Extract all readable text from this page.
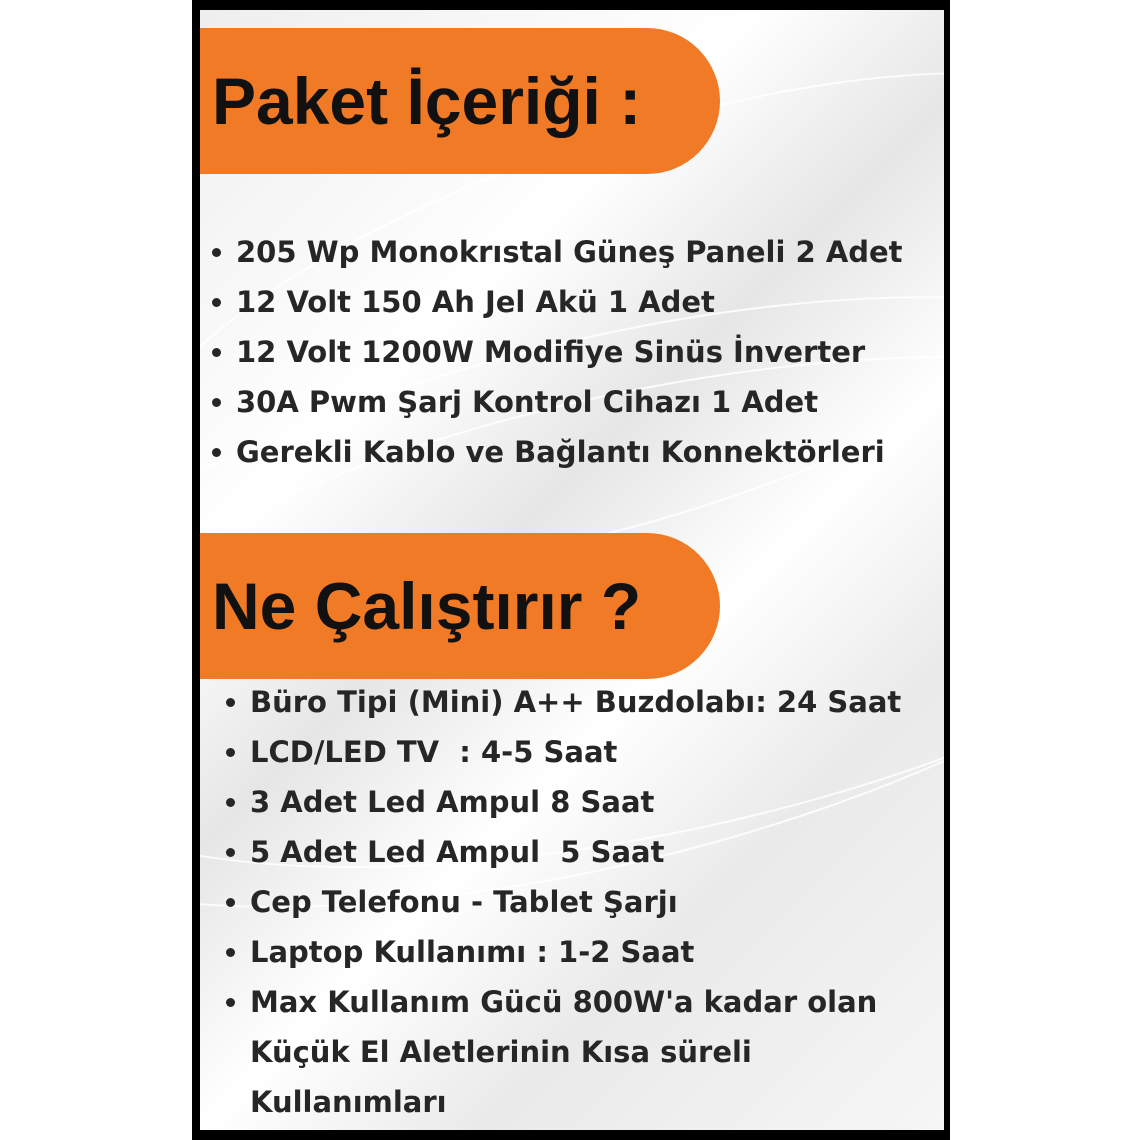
Paket İçeriği :
205 Wp Monokrıstal Güneş Paneli 2 Adet
12 Volt 150 Ah Jel Akü 1 Adet
12 Volt 1200W Modifiye Sinüs İnverter
30A Pwm Şarj Kontrol Cihazı 1 Adet
Gerekli Kablo ve Bağlantı Konnektörleri
Ne Çalıştırır ?
Büro Tipi (Mini) A++ Buzdolabı: 24 Saat
LCD/LED TV  : 4-5 Saat
3 Adet Led Ampul 8 Saat
5 Adet Led Ampul  5 Saat
Cep Telefonu - Tablet Şarjı
Laptop Kullanımı : 1-2 Saat
Max Kullanım Gücü 800W'a kadar olan
Küçük El Aletlerinin Kısa süreli
Kullanımları
